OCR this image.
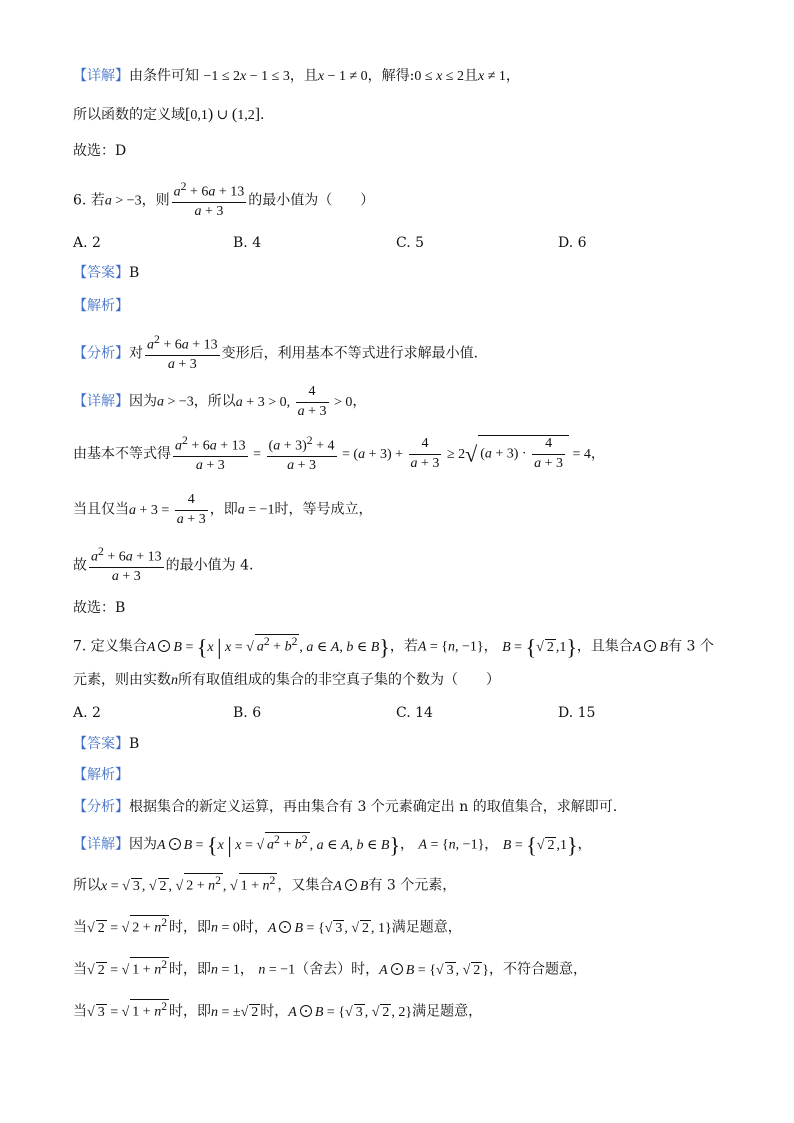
【详解】由条件可知 −1 ≤ 2x − 1 ≤ 3，且x − 1 ≠ 0，解得:0 ≤ x ≤ 2且x ≠ 1，
所以函数的定义域[0,1) ∪ (1,2].
故选：D
6. 若a > −3，则 $\frac{a^2 + 6a + 13}{a + 3}$ 的最小值为（　　）
A. 2	B. 4	C. 5	D. 6
【答案】B
【解析】
【分析】对 $\frac{a^2 + 6a + 13}{a + 3}$ 变形后，利用基本不等式进行求解最小值.
【详解】因为a > −3，所以a + 3 > 0, $\frac{4}{a + 3} > 0$，
由基本不等式得 $\frac{a^2 + 6a + 13}{a + 3} = \frac{(a + 3)^2 + 4}{a + 3} = (a + 3) + \frac{4}{a + 3} \ge 2√$ $(a + 3) \cdot \frac{4}{a + 3} = 4$，
当且仅当$a + 3 = \frac{4}{a + 3}$ ，即a = −1时，等号成立，
故 $\frac{a^2 + 6a + 13}{a + 3}$ 的最小值为 4.
故选：B
7. 定义集合A B = {x | x = √ $a^2 + b^2$ , a ∈ A, b ∈ B}，若A = {n, −1}， B = {√ 2 ,1}，且集合A B有 3 个
元素，则由实数n所有取值组成的集合的非空真子集的个数为（　　）
A. 2	B. 6	C. 14	D. 15
【答案】B
【解析】
【分析】根据集合的新定义运算，再由集合有 3 个元素确定出 n 的取值集合，求解即可.
【详解】因为A B = {x | x = √ $a^2 + b^2$ , a ∈ A, b ∈ B}， A = {n, −1}， B = {√ 2 ,1}，
所以x = √ 3 , √ 2 , √ $2 + n^2$ , √ $1 + n^2$ ，又集合A B有 3 个元素，
当√ 2 = √ $2 + n^2$ 时，即n = 0时，A B = {√ 3 , √ 2 , 1}满足题意，
当√ 2 = √ $1 + n^2$ 时，即n = 1， n = −1（舍去）时，A B = {√ 3 , √ 2 }，不符合题意，
当√ 3 = √ $1 + n^2$ 时，即n = ±√ 2 时，A B = {√ 3 , √ 2 , 2}满足题意，
